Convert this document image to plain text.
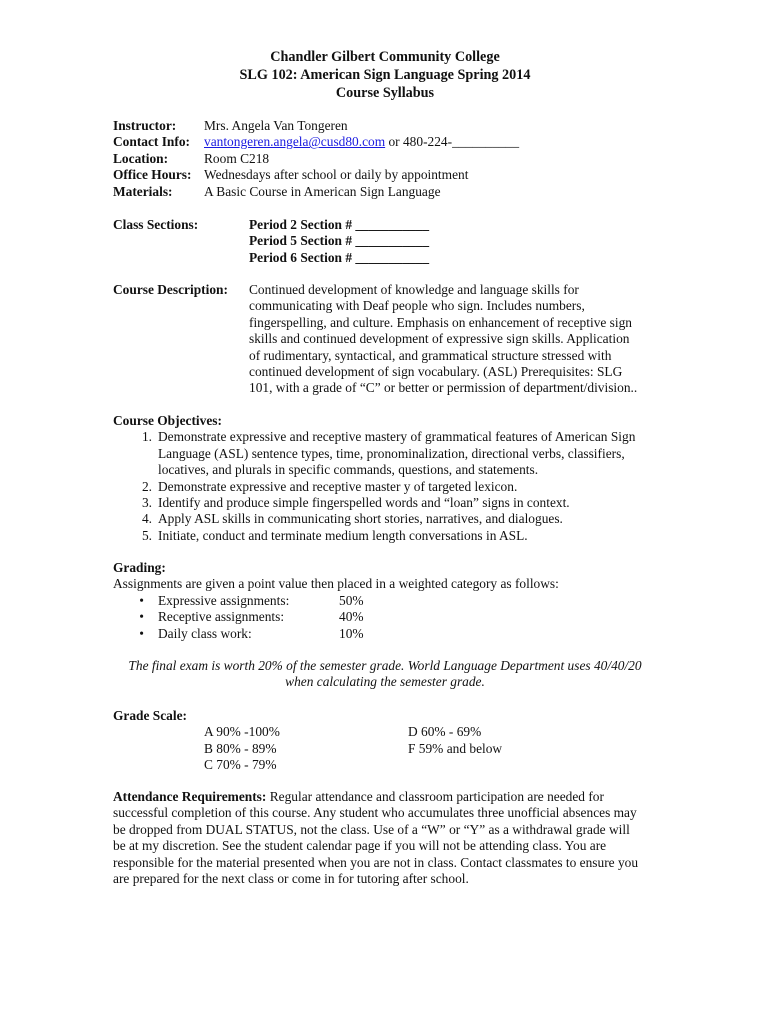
Chandler Gilbert Community College
SLG 102: American Sign Language Spring 2014
Course Syllabus
Instructor:	Mrs. Angela Van Tongeren
Contact Info:	vantongeren.angela@cusd80.com or 480-224-__________
Location:	Room C218
Office Hours: Wednesdays after school or daily by appointment
Materials:	A Basic Course in American Sign Language
Class Sections:	Period 2 Section # ___________
Period 5 Section # ___________
Period 6 Section # ___________
Course Description:	Continued development of knowledge and language skills for
communicating with Deaf people who sign. Includes numbers,
fingerspelling, and culture. Emphasis on enhancement of receptive sign
skills and continued development of expressive sign skills. Application
of rudimentary, syntactical, and grammatical structure stressed with
continued development of sign vocabulary. (ASL) Prerequisites: SLG
101, with a grade of “C” or better or permission of department/division..
Course Objectives:
1. Demonstrate expressive and receptive mastery of grammatical features of American Sign
Language (ASL) sentence types, time, pronominalization, directional verbs, classifiers,
locatives, and plurals in specific commands, questions, and statements.
2. Demonstrate expressive and receptive master y of targeted lexicon.
3. Identify and produce simple fingerspelled words and “loan” signs in context.
4. Apply ASL skills in communicating short stories, narratives, and dialogues.
5. Initiate, conduct and terminate medium length conversations in ASL.
Grading:
Assignments are given a point value then placed in a weighted category as follows:
•	Expressive assignments:	50%
•	Receptive assignments:	40%
•	Daily class work:	10%
The final exam is worth 20% of the semester grade. World Language Department uses 40/40/20
when calculating the semester grade.
Grade Scale:
A 90% -100%	D 60% - 69%
B 80% - 89%	F 59% and below
C 70% - 79%
Attendance Requirements: Regular attendance and classroom participation are needed for
successful completion of this course. Any student who accumulates three unofficial absences may
be dropped from DUAL STATUS, not the class. Use of a “W” or “Y” as a withdrawal grade will
be at my discretion. See the student calendar page if you will not be attending class. You are
responsible for the material presented when you are not in class. Contact classmates to ensure you
are prepared for the next class or come in for tutoring after school.
